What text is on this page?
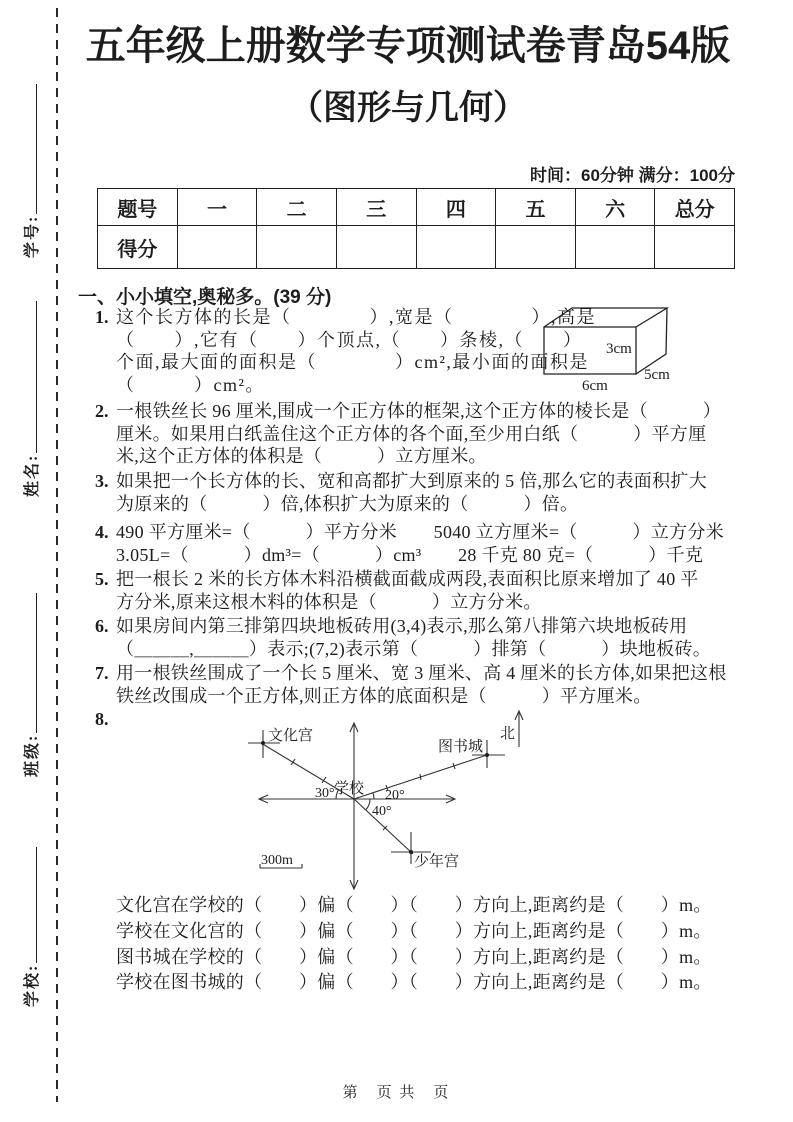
学号:
姓名:
班级:
学校:
五年级上册数学专项测试卷青岛54版
（图形与几何）
时间：60分钟 满分：100分
题号	一	二	三	四	五	六	总分
得分							
一、小小填空,奥秘多。(39 分)
1. 这个长方体的长是（　　　　）,宽是（　　　　）,高是
（　　）,它有（　　）个顶点,（　　）条棱,（　　）
个面,最大面的面积是（　　　　）cm²,最小面的面积是
（　　　）cm²。
3cm
6cm
5cm
2. 一根铁丝长 96 厘米,围成一个正方体的框架,这个正方体的棱长是（　　　）
厘米。如果用白纸盖住这个正方体的各个面,至少用白纸（　　　）平方厘
米,这个正方体的体积是（　　　）立方厘米。
3. 如果把一个长方体的长、宽和高都扩大到原来的 5 倍,那么它的表面积扩大
为原来的（　　　）倍,体积扩大为原来的（　　　）倍。
4. 490 平方厘米=（　　　）平方分米　　5040 立方厘米=（　　　）立方分米
3.05L=（　　　）dm³=（　　　）cm³　　28 千克 80 克=（　　　）千克
5. 把一根长 2 米的长方体木料沿横截面截成两段,表面积比原来增加了 40 平
方分米,原来这根木料的体积是（　　　）立方分米。
6. 如果房间内第三排第四块地板砖用(3,4)表示,那么第八排第六块地板砖用
（＿＿＿,＿＿＿）表示;(7,2)表示第（　　　）排第（　　　）块地板砖。
7. 用一根铁丝围成了一个长 5 厘米、宽 3 厘米、高 4 厘米的长方体,如果把这根
铁丝改围成一个正方体,则正方体的底面积是（　　　）平方厘米。
8.
文化宫
图书城
少年宫
学校
北
30°	20°
40°
300m
文化宫在学校的（　　）偏（　　）（　　）方向上,距离约是（　　）m。
学校在文化宫的（　　）偏（　　）（　　）方向上,距离约是（　　）m。
图书城在学校的（　　）偏（　　）（　　）方向上,距离约是（　　）m。
学校在图书城的（　　）偏（　　）（　　）方向上,距离约是（　　）m。
第　页 共　页
